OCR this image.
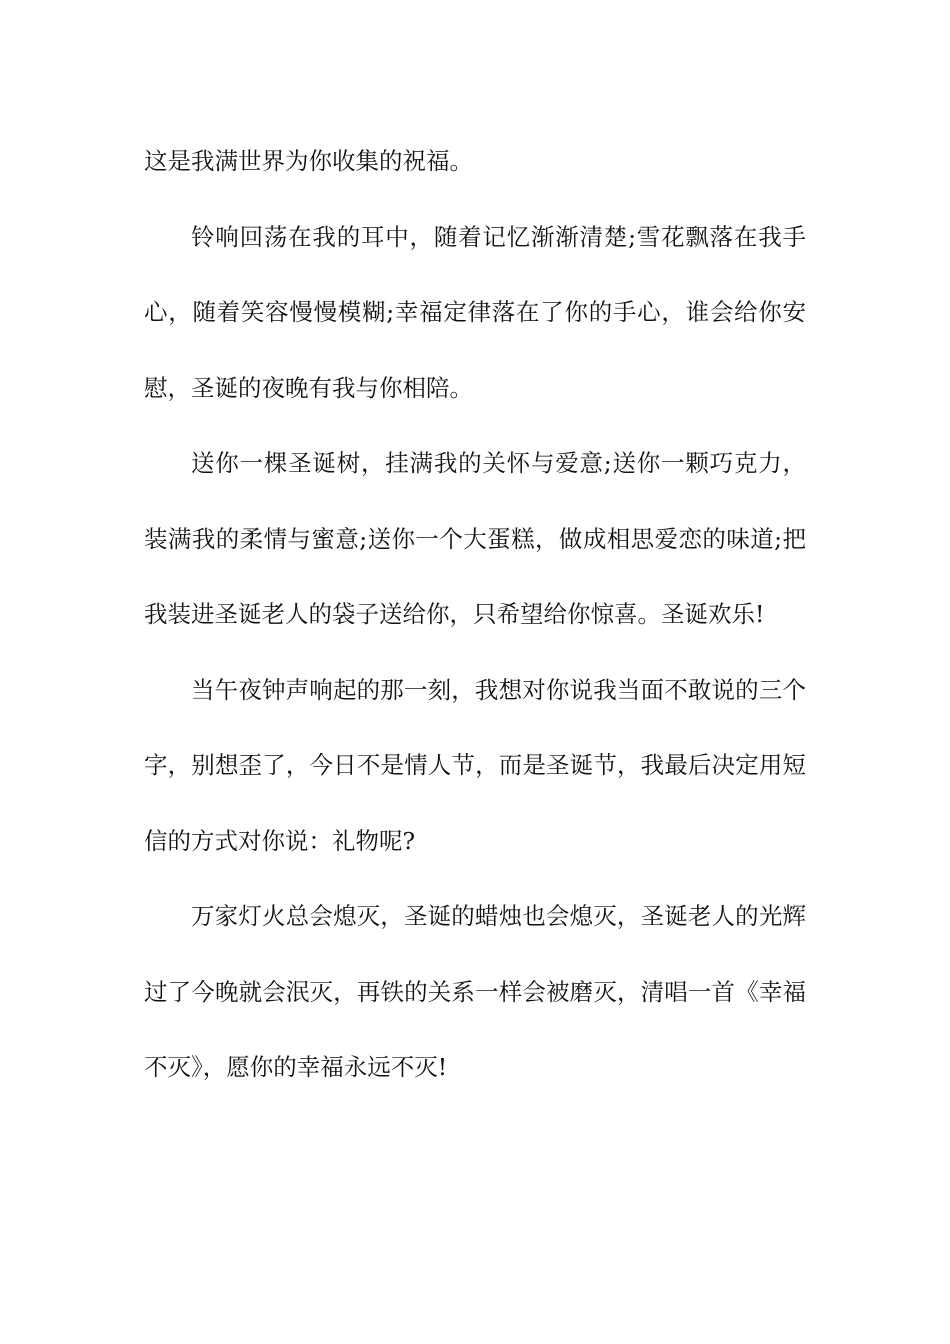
这是我满世界为你收集的祝福。

铃响回荡在我的耳中，随着记忆渐渐清楚;雪花飘落在我手心，随着笑容慢慢模糊;幸福定律落在了你的手心，谁会给你安慰，圣诞的夜晚有我与你相陪。

送你一棵圣诞树，挂满我的关怀与爱意;送你一颗巧克力，装满我的柔情与蜜意;送你一个大蛋糕，做成相思爱恋的味道;把我装进圣诞老人的袋子送给你，只希望给你惊喜。圣诞欢乐!

当午夜钟声响起的那一刻，我想对你说我当面不敢说的三个字，别想歪了，今日不是情人节，而是圣诞节，我最后决定用短信的方式对你说：礼物呢?

万家灯火总会熄灭，圣诞的蜡烛也会熄灭，圣诞老人的光辉过了今晚就会泯灭，再铁的关系一样会被磨灭，清唱一首《幸福不灭》，愿你的幸福永远不灭!
